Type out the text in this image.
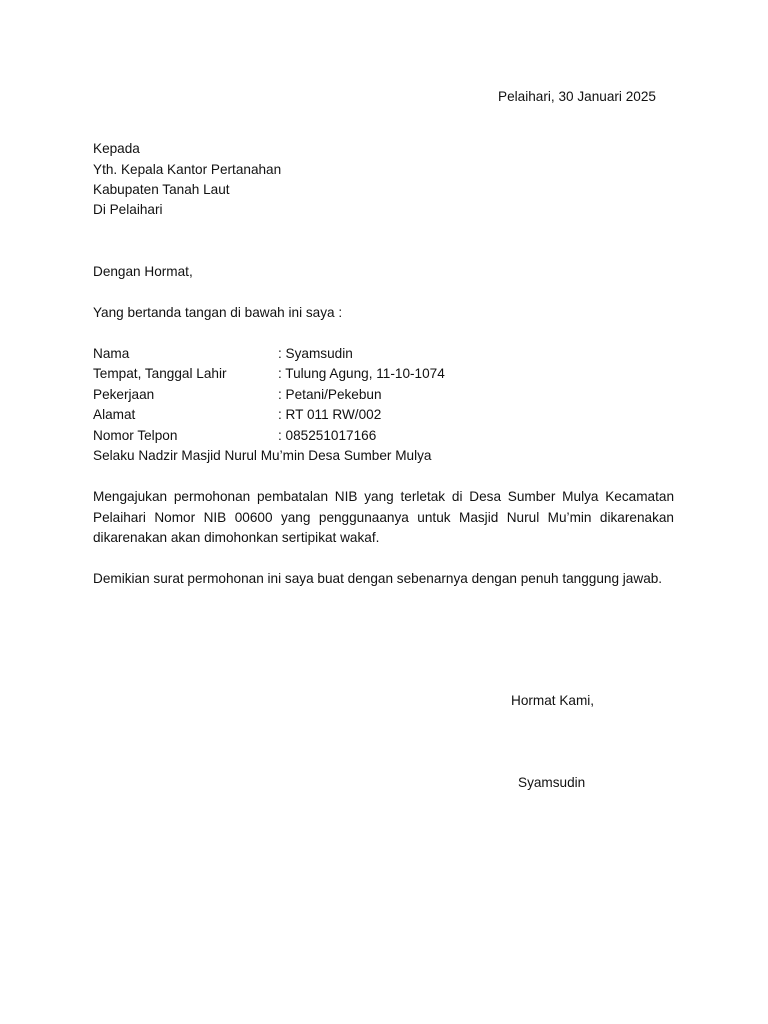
Pelaihari, 30 Januari 2025
Kepada
Yth. Kepala Kantor Pertanahan
Kabupaten Tanah Laut
Di Pelaihari
Dengan Hormat,
Yang bertanda tangan di bawah ini saya :
Nama	: Syamsudin
Tempat, Tanggal Lahir	: Tulung Agung, 11-10-1074
Pekerjaan	: Petani/Pekebun
Alamat	: RT 011 RW/002
Nomor Telpon	: 085251017166
Selaku Nadzir Masjid Nurul Mu’min Desa Sumber Mulya
Mengajukan permohonan pembatalan NIB yang terletak di Desa Sumber Mulya Kecamatan Pelaihari Nomor NIB 00600 yang penggunaanya untuk Masjid Nurul Mu’min dikarenakan dikarenakan akan dimohonkan sertipikat wakaf.
Demikian surat permohonan ini saya buat dengan sebenarnya dengan penuh tanggung jawab.
Hormat Kami,
Syamsudin
